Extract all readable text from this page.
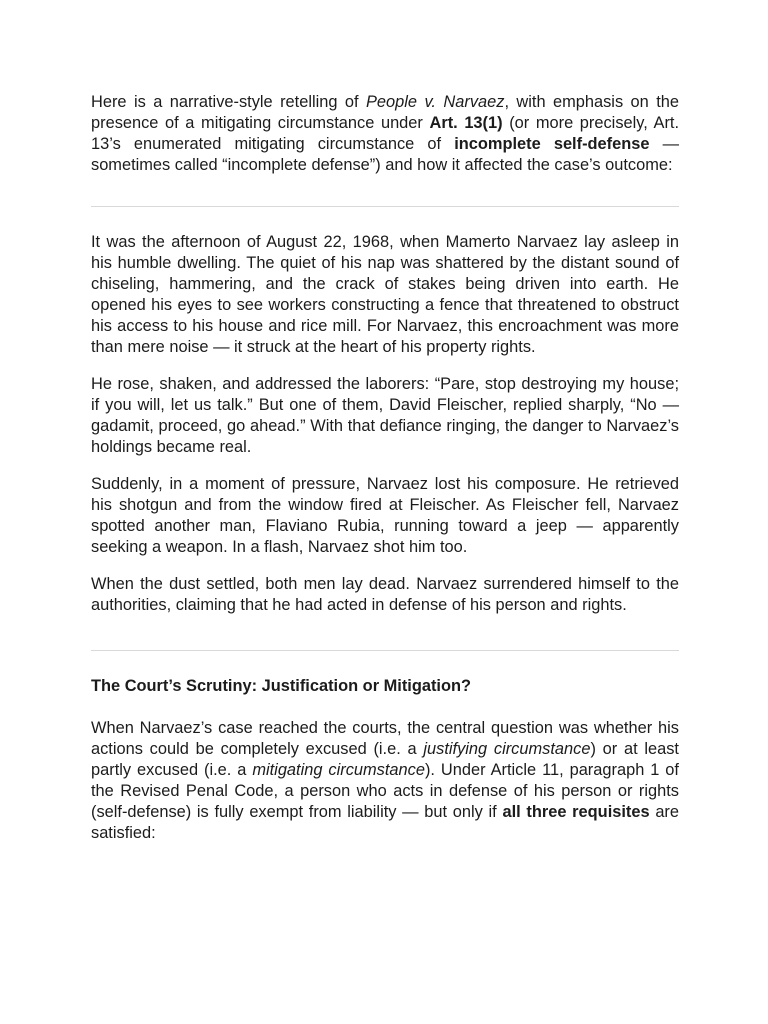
Here is a narrative-style retelling of People v. Narvaez, with emphasis on the presence of a mitigating circumstance under Art. 13(1) (or more precisely, Art. 13’s enumerated mitigating circumstance of incomplete self-defense — sometimes called “incomplete defense”) and how it affected the case’s outcome:

It was the afternoon of August 22, 1968, when Mamerto Narvaez lay asleep in his humble dwelling. The quiet of his nap was shattered by the distant sound of chiseling, hammering, and the crack of stakes being driven into earth. He opened his eyes to see workers constructing a fence that threatened to obstruct his access to his house and rice mill. For Narvaez, this encroachment was more than mere noise — it struck at the heart of his property rights.

He rose, shaken, and addressed the laborers: “Pare, stop destroying my house; if you will, let us talk.” But one of them, David Fleischer, replied sharply, “No — gadamit, proceed, go ahead.” With that defiance ringing, the danger to Narvaez’s holdings became real.

Suddenly, in a moment of pressure, Narvaez lost his composure. He retrieved his shotgun and from the window fired at Fleischer. As Fleischer fell, Narvaez spotted another man, Flaviano Rubia, running toward a jeep — apparently seeking a weapon. In a flash, Narvaez shot him too.

When the dust settled, both men lay dead. Narvaez surrendered himself to the authorities, claiming that he had acted in defense of his person and rights.

The Court’s Scrutiny: Justification or Mitigation?

When Narvaez’s case reached the courts, the central question was whether his actions could be completely excused (i.e. a justifying circumstance) or at least partly excused (i.e. a mitigating circumstance). Under Article 11, paragraph 1 of the Revised Penal Code, a person who acts in defense of his person or rights (self-defense) is fully exempt from liability — but only if all three requisites are satisfied:
